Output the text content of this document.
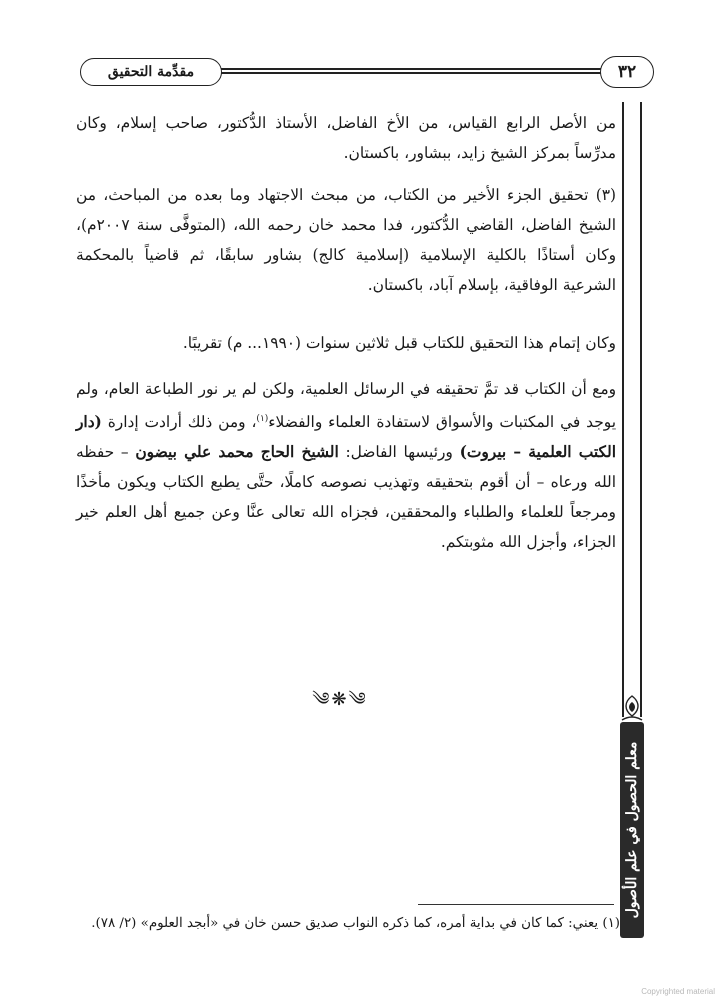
مقدِّمة التحقيق	٣٢
معلم الحصول في علم الأصول

من الأصل الرابع القياس، من الأخ الفاضل، الأستاذ الدُّكتور، صاحب إسلام، وكان مدرِّساً بمركز الشيخ زايد، ببشاور، باكستان.

(٣) تحقيق الجزء الأخير من الكتاب، من مبحث الاجتهاد وما بعده من المباحث، من الشيخ الفاضل، القاضي الدُّكتور، فدا محمد خان رحمه الله، (المتوفَّى سنة ٢٠٠٧م)، وكان أستاذًا بالكلية الإسلامية (إسلامية كالج) بشاور سابقًا، ثم قاضياً بالمحكمة الشرعية الوفاقية، بإسلام آباد، باكستان.

وكان إتمام هذا التحقيق للكتاب قبل ثلاثين سنوات (١٩٩٠... م) تقريبًا.

ومع أن الكتاب قد تمَّ تحقيقه في الرسائل العلمية، ولكن لم ير نور الطباعة العام، ولم يوجد في المكتبات والأسواق لاستفادة العلماء والفضلاء$^{(١)}$، ومن ذلك أرادت إدارة (دار الكتب العلمية – بيروت) ورئيسها الفاضل: الشيخ الحاج محمد علي بيضون – حفظه الله ورعاه – أن أقوم بتحقيقه وتهذيب نصوصه كاملًا، حتَّى يطبع الكتاب ويكون مأخذًا ومرجعاً للعلماء والطلباء والمحققين، فجزاه الله تعالى عنَّا وعن جميع أهل العلم خير الجزاء، وأجزل الله مثوبتكم.

༄❋༄
(١) يعني: كما كان في بداية أمره، كما ذكره النواب صديق حسن خان في «أبجد العلوم» (٢/ ٧٨).
Copyrighted material
